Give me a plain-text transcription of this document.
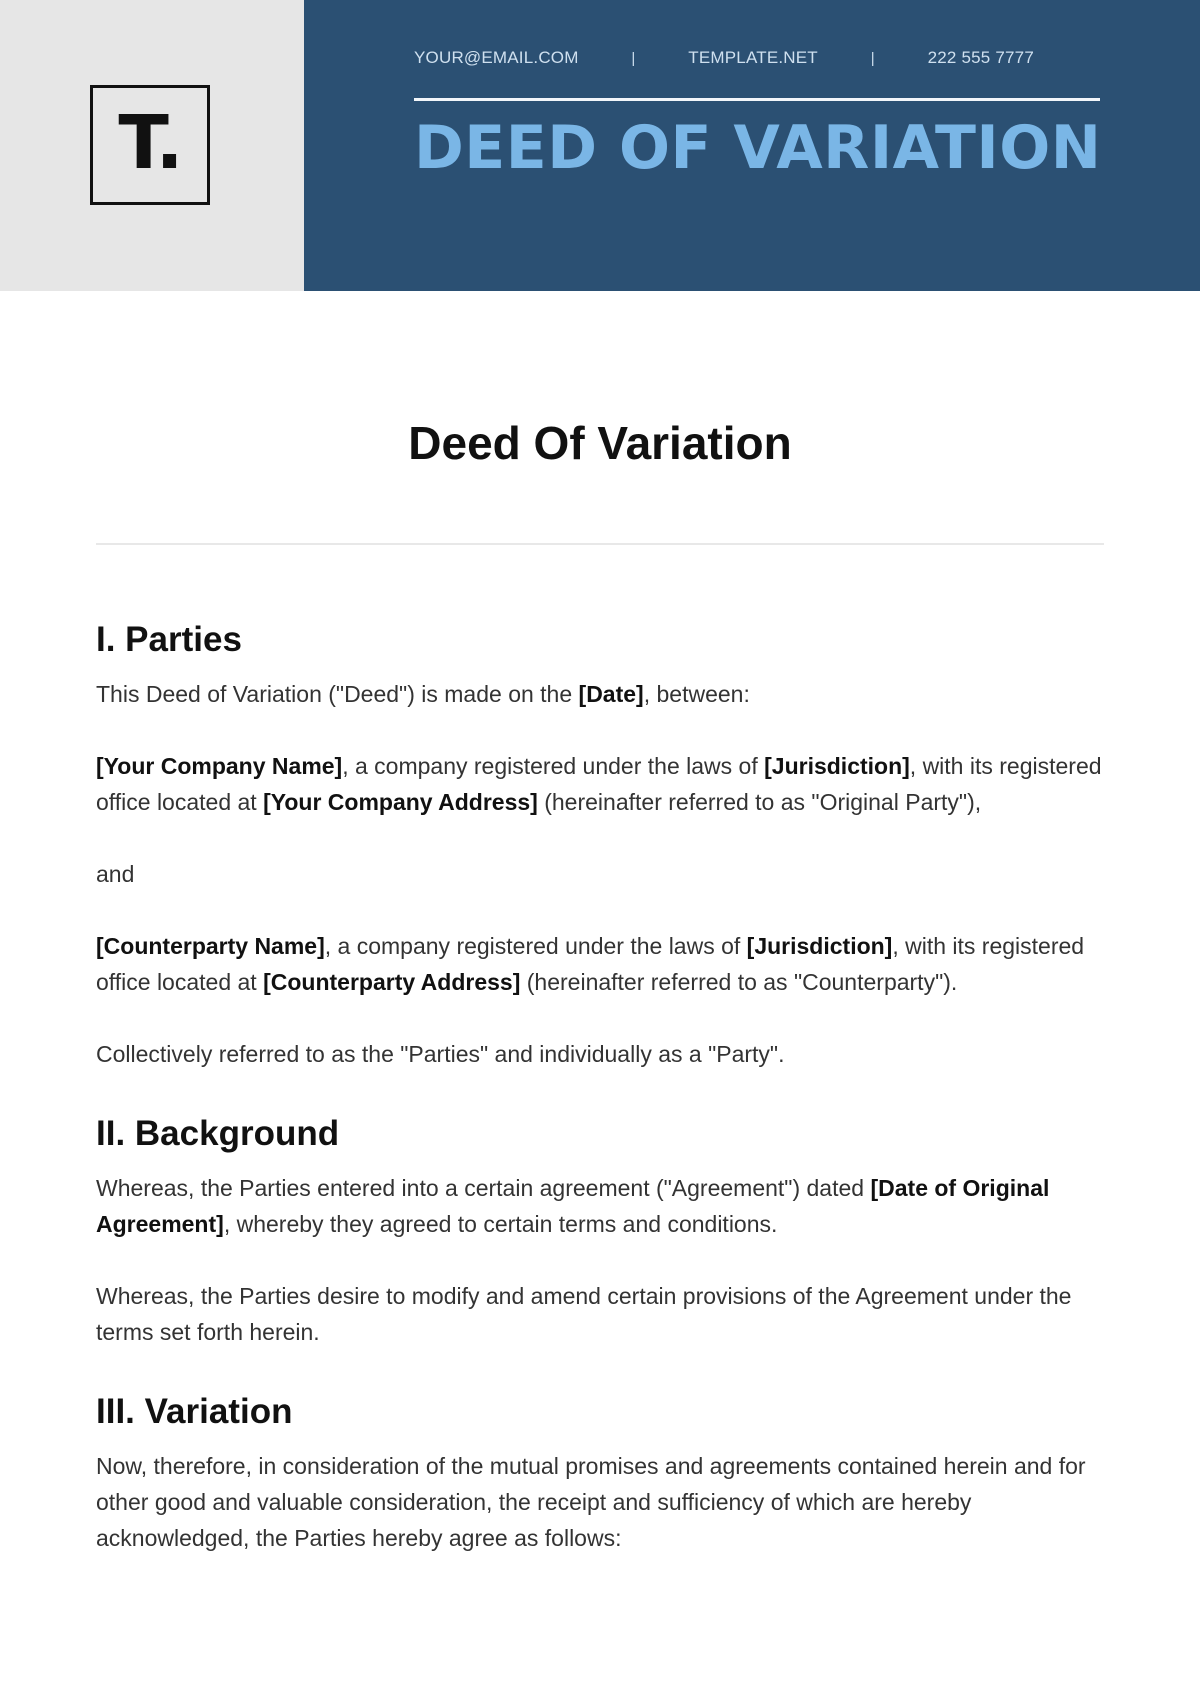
T.
YOUR@EMAIL.COM	|	TEMPLATE.NET	|	222 555 7777
DEED OF VARIATION
Deed Of Variation
I. Parties

This Deed of Variation ("Deed") is made on the [Date], between:

[Your Company Name], a company registered under the laws of [Jurisdiction], with its registered office located at [Your Company Address] (hereinafter referred to as "Original Party"),

and

[Counterparty Name], a company registered under the laws of [Jurisdiction], with its registered office located at [Counterparty Address] (hereinafter referred to as "Counterparty").

Collectively referred to as the "Parties" and individually as a "Party".

II. Background

Whereas, the Parties entered into a certain agreement ("Agreement") dated [Date of Original Agreement], whereby they agreed to certain terms and conditions.

Whereas, the Parties desire to modify and amend certain provisions of the Agreement under the terms set forth herein.

III. Variation

Now, therefore, in consideration of the mutual promises and agreements contained herein and for other good and valuable consideration, the receipt and sufficiency of which are hereby acknowledged, the Parties hereby agree as follows:
